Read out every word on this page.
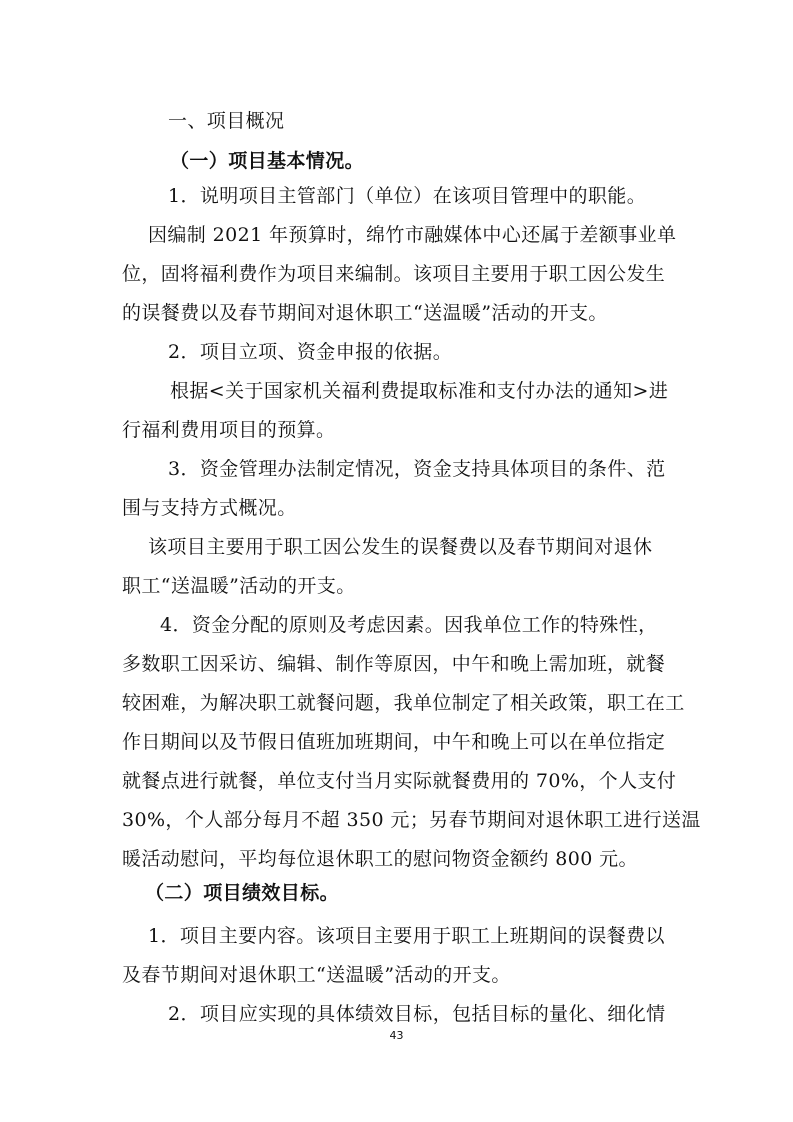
一、项目概况
（一）项目基本情况。
1．说明项目主管部门（单位）在该项目管理中的职能。
因编制 2021 年预算时，绵竹市融媒体中心还属于差额事业单
位，固将福利费作为项目来编制。该项目主要用于职工因公发生
的误餐费以及春节期间对退休职工“送温暖”活动的开支。
2．项目立项、资金申报的依据。
根据<关于国家机关福利费提取标准和支付办法的通知>进
行福利费用项目的预算。
3．资金管理办法制定情况，资金支持具体项目的条件、范
围与支持方式概况。
该项目主要用于职工因公发生的误餐费以及春节期间对退休
职工“送温暖”活动的开支。
4．资金分配的原则及考虑因素。因我单位工作的特殊性，
多数职工因采访、编辑、制作等原因，中午和晚上需加班，就餐
较困难，为解决职工就餐问题，我单位制定了相关政策，职工在工
作日期间以及节假日值班加班期间，中午和晚上可以在单位指定
就餐点进行就餐，单位支付当月实际就餐费用的 70%，个人支付
30%，个人部分每月不超 350 元；另春节期间对退休职工进行送温
暖活动慰问，平均每位退休职工的慰问物资金额约 800 元。
（二）项目绩效目标。
1．项目主要内容。该项目主要用于职工上班期间的误餐费以
及春节期间对退休职工“送温暖”活动的开支。
2．项目应实现的具体绩效目标，包括目标的量化、细化情
43
